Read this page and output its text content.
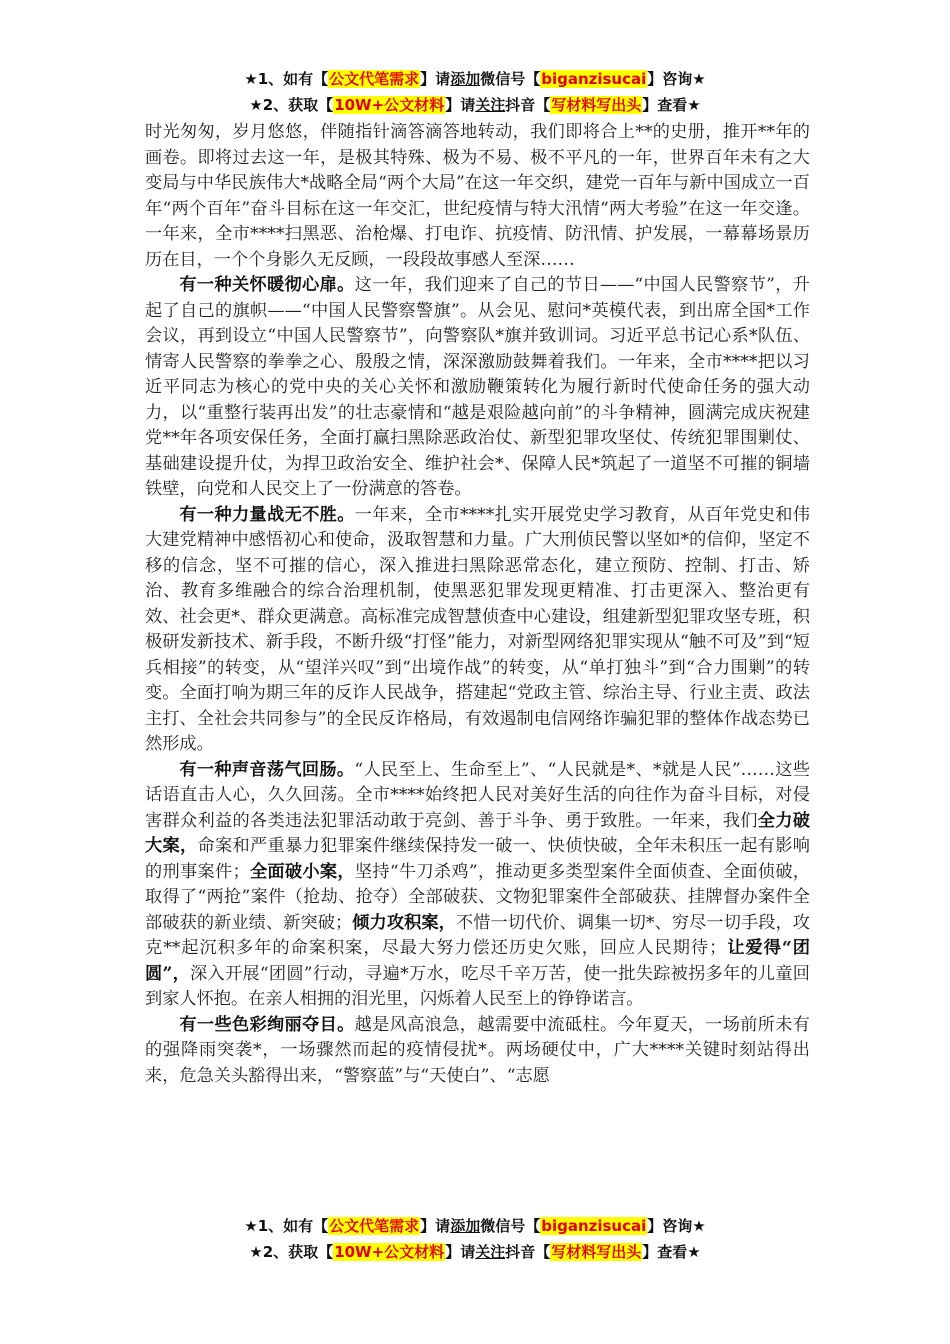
★1、如有【公文代笔需求】请添加微信号【biganzisucai】咨询★
★2、获取【10W+公文材料】请关注抖音【写材料写出头】查看★

时光匆匆，岁月悠悠，伴随指针滴答滴答地转动，我们即将合上**的史册，推开**年的画卷。即将过去这一年，是极其特殊、极为不易、极不平凡的一年，世界百年未有之大变局与中华民族伟大*战略全局“两个大局”在这一年交织，建党一百年与新中国成立一百年“两个百年”奋斗目标在这一年交汇，世纪疫情与特大汛情“两大考验”在这一年交逢。一年来，全市****扫黑恶、治枪爆、打电诈、抗疫情、防汛情、护发展，一幕幕场景历历在目，一个个身影久无反顾，一段段故事感人至深……

有一种关怀暖彻心扉。这一年，我们迎来了自己的节日——“中国人民警察节”，升起了自己的旗帜——“中国人民警察警旗”。从会见、慰问*英模代表，到出席全国*工作会议，再到设立“中国人民警察节”，向警察队*旗并致训词。习近平总书记心系*队伍、情寄人民警察的拳拳之心、殷殷之情，深深激励鼓舞着我们。一年来，全市****把以习近平同志为核心的党中央的关心关怀和激励鞭策转化为履行新时代使命任务的强大动力，以“重整行装再出发”的壮志豪情和“越是艰险越向前”的斗争精神，圆满完成庆祝建党**年各项安保任务，全面打赢扫黑除恶政治仗、新型犯罪攻坚仗、传统犯罪围剿仗、基础建设提升仗，为捍卫政治安全、维护社会*、保障人民*筑起了一道坚不可摧的铜墙铁壁，向党和人民交上了一份满意的答卷。

有一种力量战无不胜。一年来，全市****扎实开展党史学习教育，从百年党史和伟大建党精神中感悟初心和使命，汲取智慧和力量。广大刑侦民警以坚如*的信仰，坚定不移的信念，坚不可摧的信心，深入推进扫黑除恶常态化，建立预防、控制、打击、矫治、教育多维融合的综合治理机制，使黑恶犯罪发现更精准、打击更深入、整治更有效、社会更*、群众更满意。高标准完成智慧侦查中心建设，组建新型犯罪攻坚专班，积极研发新技术、新手段，不断升级“打怪”能力，对新型网络犯罪实现从“触不可及”到“短兵相接”的转变，从“望洋兴叹”到“出境作战”的转变，从“单打独斗”到“合力围剿”的转变。全面打响为期三年的反诈人民战争，搭建起“党政主管、综治主导、行业主责、政法主打、全社会共同参与”的全民反诈格局，有效遏制电信网络诈骗犯罪的整体作战态势已然形成。

有一种声音荡气回肠。“人民至上、生命至上”、“人民就是*、*就是人民”……这些话语直击人心，久久回荡。全市****始终把人民对美好生活的向往作为奋斗目标，对侵害群众利益的各类违法犯罪活动敢于亮剑、善于斗争、勇于致胜。一年来，我们全力破大案，命案和严重暴力犯罪案件继续保持发一破一、快侦快破，全年未积压一起有影响的刑事案件；全面破小案，坚持“牛刀杀鸡”，推动更多类型案件全面侦查、全面侦破，取得了“两抢”案件（抢劫、抢夺）全部破获、文物犯罪案件全部破获、挂牌督办案件全部破获的新业绩、新突破；倾力攻积案，不惜一切代价、调集一切*、穷尽一切手段，攻克**起沉积多年的命案积案，尽最大努力偿还历史欠账，回应人民期待；让爱得“团圆”，深入开展“团圆”行动，寻遍*万水，吃尽千辛万苦，使一批失踪被拐多年的儿童回到家人怀抱。在亲人相拥的泪光里，闪烁着人民至上的铮铮诺言。

有一些色彩绚丽夺目。越是风高浪急，越需要中流砥柱。今年夏天，一场前所未有的强降雨突袭*，一场骤然而起的疫情侵扰*。两场硬仗中，广大****关键时刻站得出来，危急关头豁得出来，“警察蓝”与“天使白”、“志愿

★1、如有【公文代笔需求】请添加微信号【biganzisucai】咨询★
★2、获取【10W+公文材料】请关注抖音【写材料写出头】查看★
